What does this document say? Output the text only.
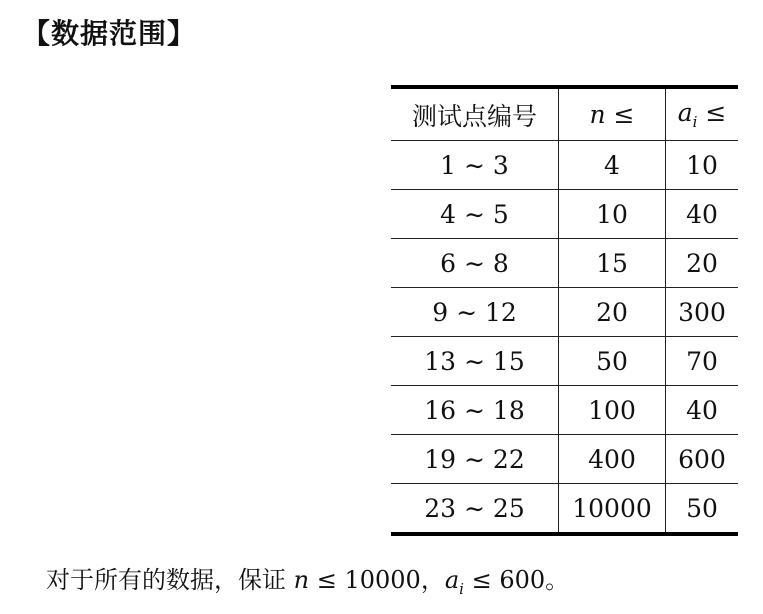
【数据范围】
测试点编号	n ≤	$a_i$ ≤
1 ∼ 3	4	10
4 ∼ 5	10	40
6 ∼ 8	15	20
9 ∼ 12	20	300
13 ∼ 15	50	70
16 ∼ 18	100	40
19 ∼ 22	400	600
23 ∼ 25	10000	50
对于所有的数据，保证 n ≤ 10000，$a_i \le 600$。
